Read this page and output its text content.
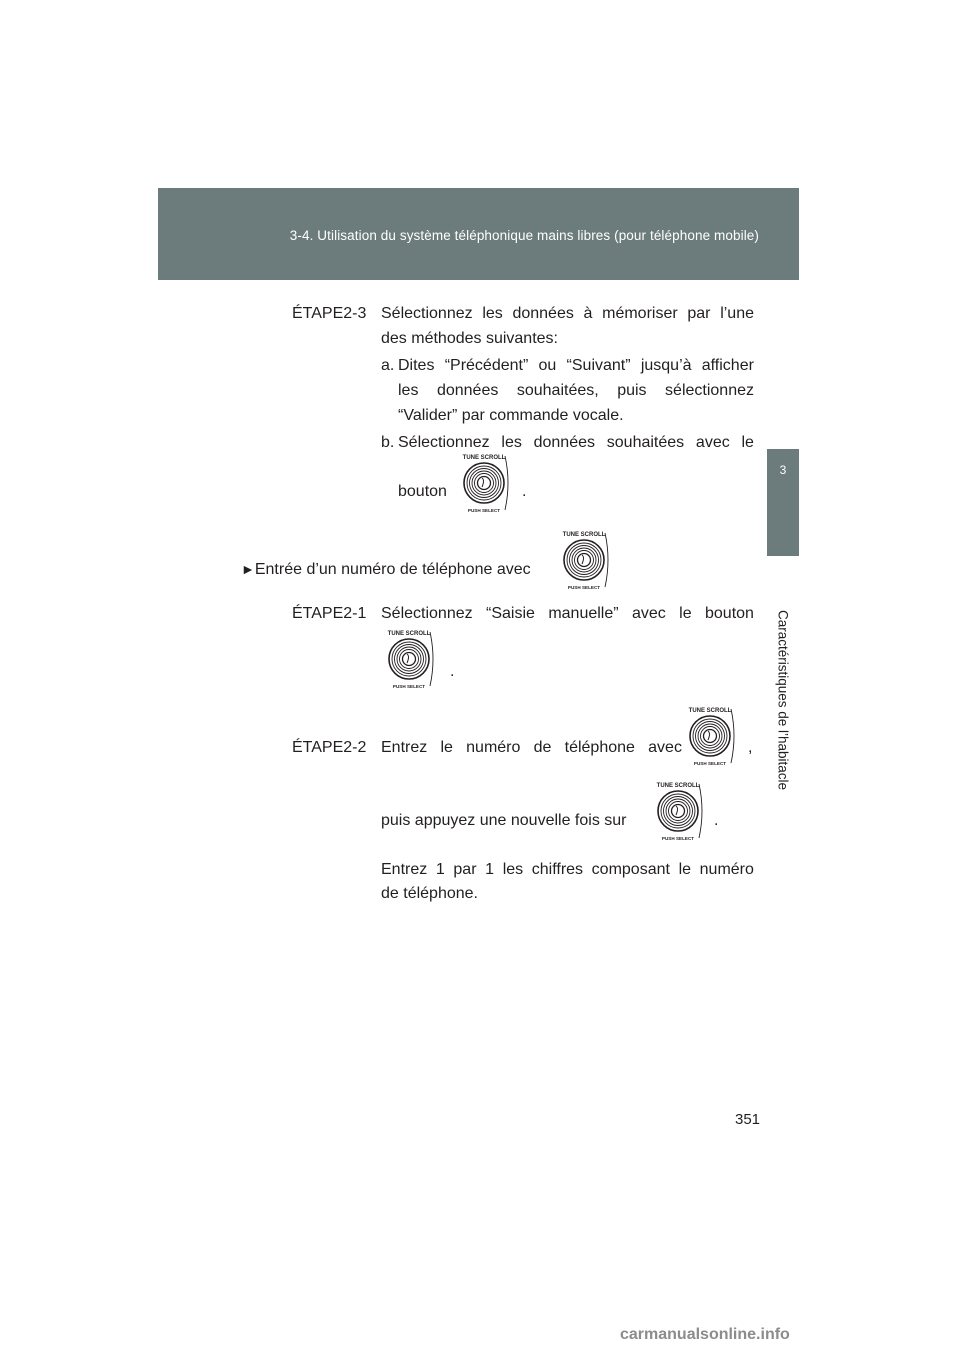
3-4. Utilisation du système téléphonique mains libres (pour téléphone mobile)
3
Caractéristiques de l’habitacle
ÉTAPE2-3 Sélectionnez les données à mémoriser par l’une
des méthodes suivantes:
a. Dites “Précédent” ou “Suivant” jusqu’à afficher
les données souhaitées, puis sélectionnez
“Valider” par commande vocale.
b. Sélectionnez les données souhaitées avec le
bouton
TUNE SCROLL
PUSH SELECT
.
►Entrée d’un numéro de téléphone avec
TUNE SCROLL
PUSH SELECT
ÉTAPE2-1 Sélectionnez “Saisie manuelle” avec le bouton
TUNE SCROLL
PUSH SELECT
.
ÉTAPE2-2 Entrez le numéro de téléphone avec
TUNE SCROLL
PUSH SELECT
,
puis appuyez une nouvelle fois sur
TUNE SCROLL
PUSH SELECT
.
Entrez 1 par 1 les chiffres composant le numéro
de téléphone.
351
carmanualsonline.info
